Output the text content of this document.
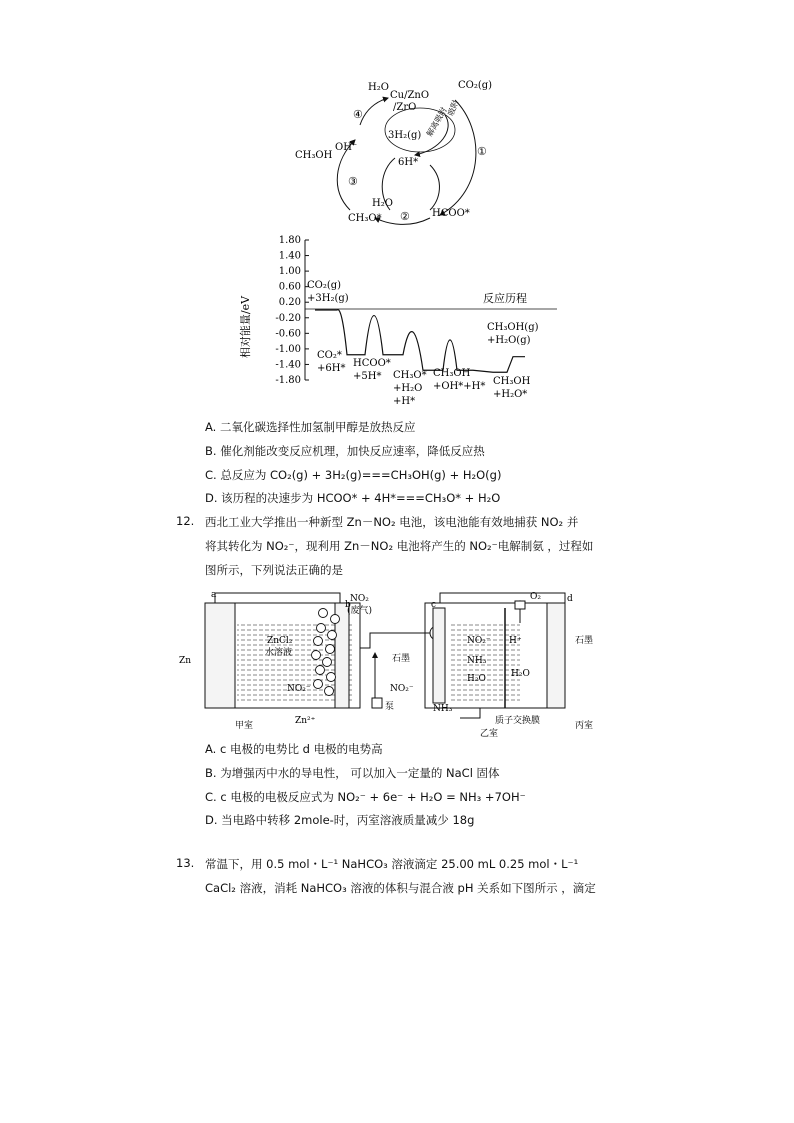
H₂O
Cu/ZnO
/ZrO
CO₂(g)
吸附
解离吸附
3H₂(g)
6H*
OH⁻
CH₃OH
H₂O
CH₃O*	HCOO*
①
②
③
④
相对能量/eV
1.80
1.40
1.00
0.60
0.20
-0.20
-0.60
-1.00
-1.40
-1.80
反应历程
CO₂(g)
+3H₂(g)
CO₂*
+6H* HCOO*
+5H* CH₃O*
+H₂O
+H*
CH₃OH
+OH*+H* CH₃OH
+H₂O*
CH₃OH(g)
+H₂O(g)
A. 二氧化碳选择性加氢制甲醇是放热反应
B. 催化剂能改变反应机理，加快反应速率，降低反应热
C. 总反应为 CO₂(g) + 3H₂(g)===CH₃OH(g) + H₂O(g)
D. 该历程的决速步为 HCOO* + 4H*===CH₃O* + H₂O
12. 西北工业大学推出一种新型 Zn－NO₂ 电池，该电池能有效地捕获 NO₂ 并
将其转化为 NO₂⁻，现利用 Zn－NO₂ 电池将产生的 NO₂⁻电解制氨 ，过程如
图所示，下列说法正确的是
a
b	c
d
NO₂
(废气)
O₂
ZnCl₂
水溶液
Zn
NO₂⁻
石墨
石墨
NO₂⁻ H⁺
NH₃
H₂O	H₂O
NO₂⁻
泵	NH₃
Zn²⁺
甲室
乙室
丙室
质子交换膜
A. c 电极的电势比 d 电极的电势高
B. 为增强丙中水的导电性， 可以加入一定量的 NaCl 固体
C. c 电极的电极反应式为 NO₂⁻ + 6e⁻ + H₂O = NH₃ +7OH⁻
D. 当电路中转移 2mole-时，丙室溶液质量减少 18g
13. 常温下，用 0.5 mol・L⁻¹ NaHCO₃ 溶液滴定 25.00 mL 0.25 mol・L⁻¹
CaCl₂ 溶液，消耗 NaHCO₃ 溶液的体积与混合液 pH 关系如下图所示 ，滴定
